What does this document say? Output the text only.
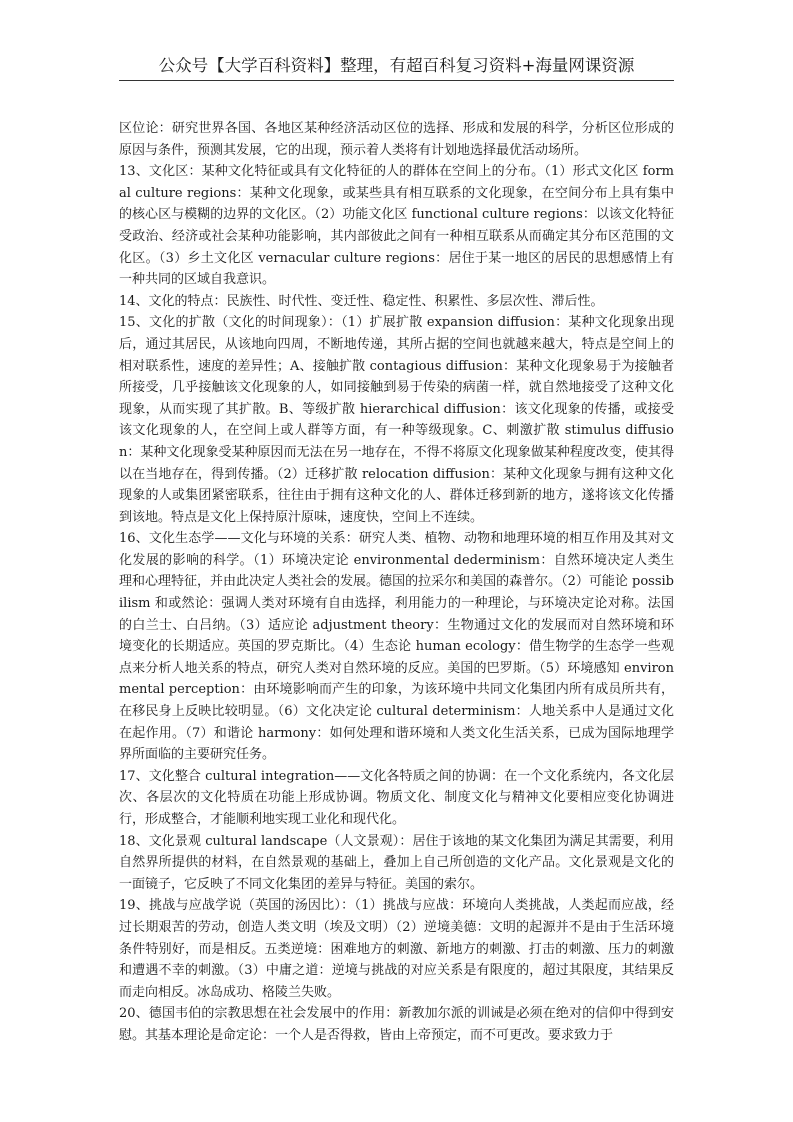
公众号【大学百科资料】整理，有超百科复习资料+海量网课资源

区位论：研究世界各国、各地区某种经济活动区位的选择、形成和发展的科学，分析区位形成的原因与条件，预测其发展，它的出现，预示着人类将有计划地选择最优活动场所。

13、文化区：某种文化特征或具有文化特征的人的群体在空间上的分布。（1）形式文化区 formal culture regions：某种文化现象，或某些具有相互联系的文化现象，在空间分布上具有集中的核心区与模糊的边界的文化区。（2）功能文化区 functional culture regions：以该文化特征受政治、经济或社会某种功能影响，其内部彼此之间有一种相互联系从而确定其分布区范围的文化区。（3）乡土文化区 vernacular culture regions：居住于某一地区的居民的思想感情上有一种共同的区域自我意识。

14、文化的特点：民族性、时代性、变迁性、稳定性、积累性、多层次性、滞后性。

15、文化的扩散（文化的时间现象）：（1）扩展扩散 expansion diffusion：某种文化现象出现后，通过其居民，从该地向四周，不断地传递，其所占据的空间也就越来越大，特点是空间上的相对联系性，速度的差异性；A、接触扩散 contagious diffusion：某种文化现象易于为接触者所接受，几乎接触该文化现象的人，如同接触到易于传染的病菌一样，就自然地接受了这种文化现象，从而实现了其扩散。B、等级扩散 hierarchical diffusion：该文化现象的传播，或接受该文化现象的人，在空间上或人群等方面，有一种等级现象。C、刺激扩散 stimulus diffusion：某种文化现象受某种原因而无法在另一地存在，不得不将原文化现象做某种程度改变，使其得以在当地存在，得到传播。（2）迁移扩散 relocation diffusion：某种文化现象与拥有这种文化现象的人或集团紧密联系，往往由于拥有这种文化的人、群体迁移到新的地方，遂将该文化传播到该地。特点是文化上保持原汁原味，速度快，空间上不连续。

16、文化生态学——文化与环境的关系：研究人类、植物、动物和地理环境的相互作用及其对文化发展的影响的科学。（1）环境决定论 environmental dederminism：自然环境决定人类生理和心理特征，并由此决定人类社会的发展。德国的拉采尔和美国的森普尔。（2）可能论 possibilism 和或然论：强调人类对环境有自由选择，利用能力的一种理论，与环境决定论对称。法国的白兰士、白吕纳。（3）适应论 adjustment theory：生物通过文化的发展而对自然环境和环境变化的长期适应。英国的罗克斯比。（4）生态论 human ecology：借生物学的生态学一些观点来分析人地关系的特点，研究人类对自然环境的反应。美国的巴罗斯。（5）环境感知 environmental perception：由环境影响而产生的印象，为该环境中共同文化集团内所有成员所共有，在移民身上反映比较明显。（6）文化决定论 cultural determinism：人地关系中人是通过文化在起作用。（7）和谐论 harmony：如何处理和谐环境和人类文化生活关系，已成为国际地理学界所面临的主要研究任务。

17、文化整合 cultural integration——文化各特质之间的协调：在一个文化系统内，各文化层次、各层次的文化特质在功能上形成协调。物质文化、制度文化与精神文化要相应变化协调进行，形成整合，才能顺利地实现工业化和现代化。

18、文化景观 cultural landscape（人文景观）：居住于该地的某文化集团为满足其需要，利用自然界所提供的材料，在自然景观的基础上，叠加上自己所创造的文化产品。文化景观是文化的一面镜子，它反映了不同文化集团的差异与特征。美国的索尔。

19、挑战与应战学说（英国的汤因比）：（1）挑战与应战：环境向人类挑战，人类起而应战，经过长期艰苦的劳动，创造人类文明（埃及文明）（2）逆境美德：文明的起源并不是由于生活环境条件特别好，而是相反。五类逆境：困难地方的刺激、新地方的刺激、打击的刺激、压力的刺激和遭遇不幸的刺激。（3）中庸之道：逆境与挑战的对应关系是有限度的，超过其限度，其结果反而走向相反。冰岛成功、格陵兰失败。

20、德国韦伯的宗教思想在社会发展中的作用：新教加尔派的训诫是必须在绝对的信仰中得到安慰。其基本理论是命定论：一个人是否得救，皆由上帝预定，而不可更改。要求致力于
